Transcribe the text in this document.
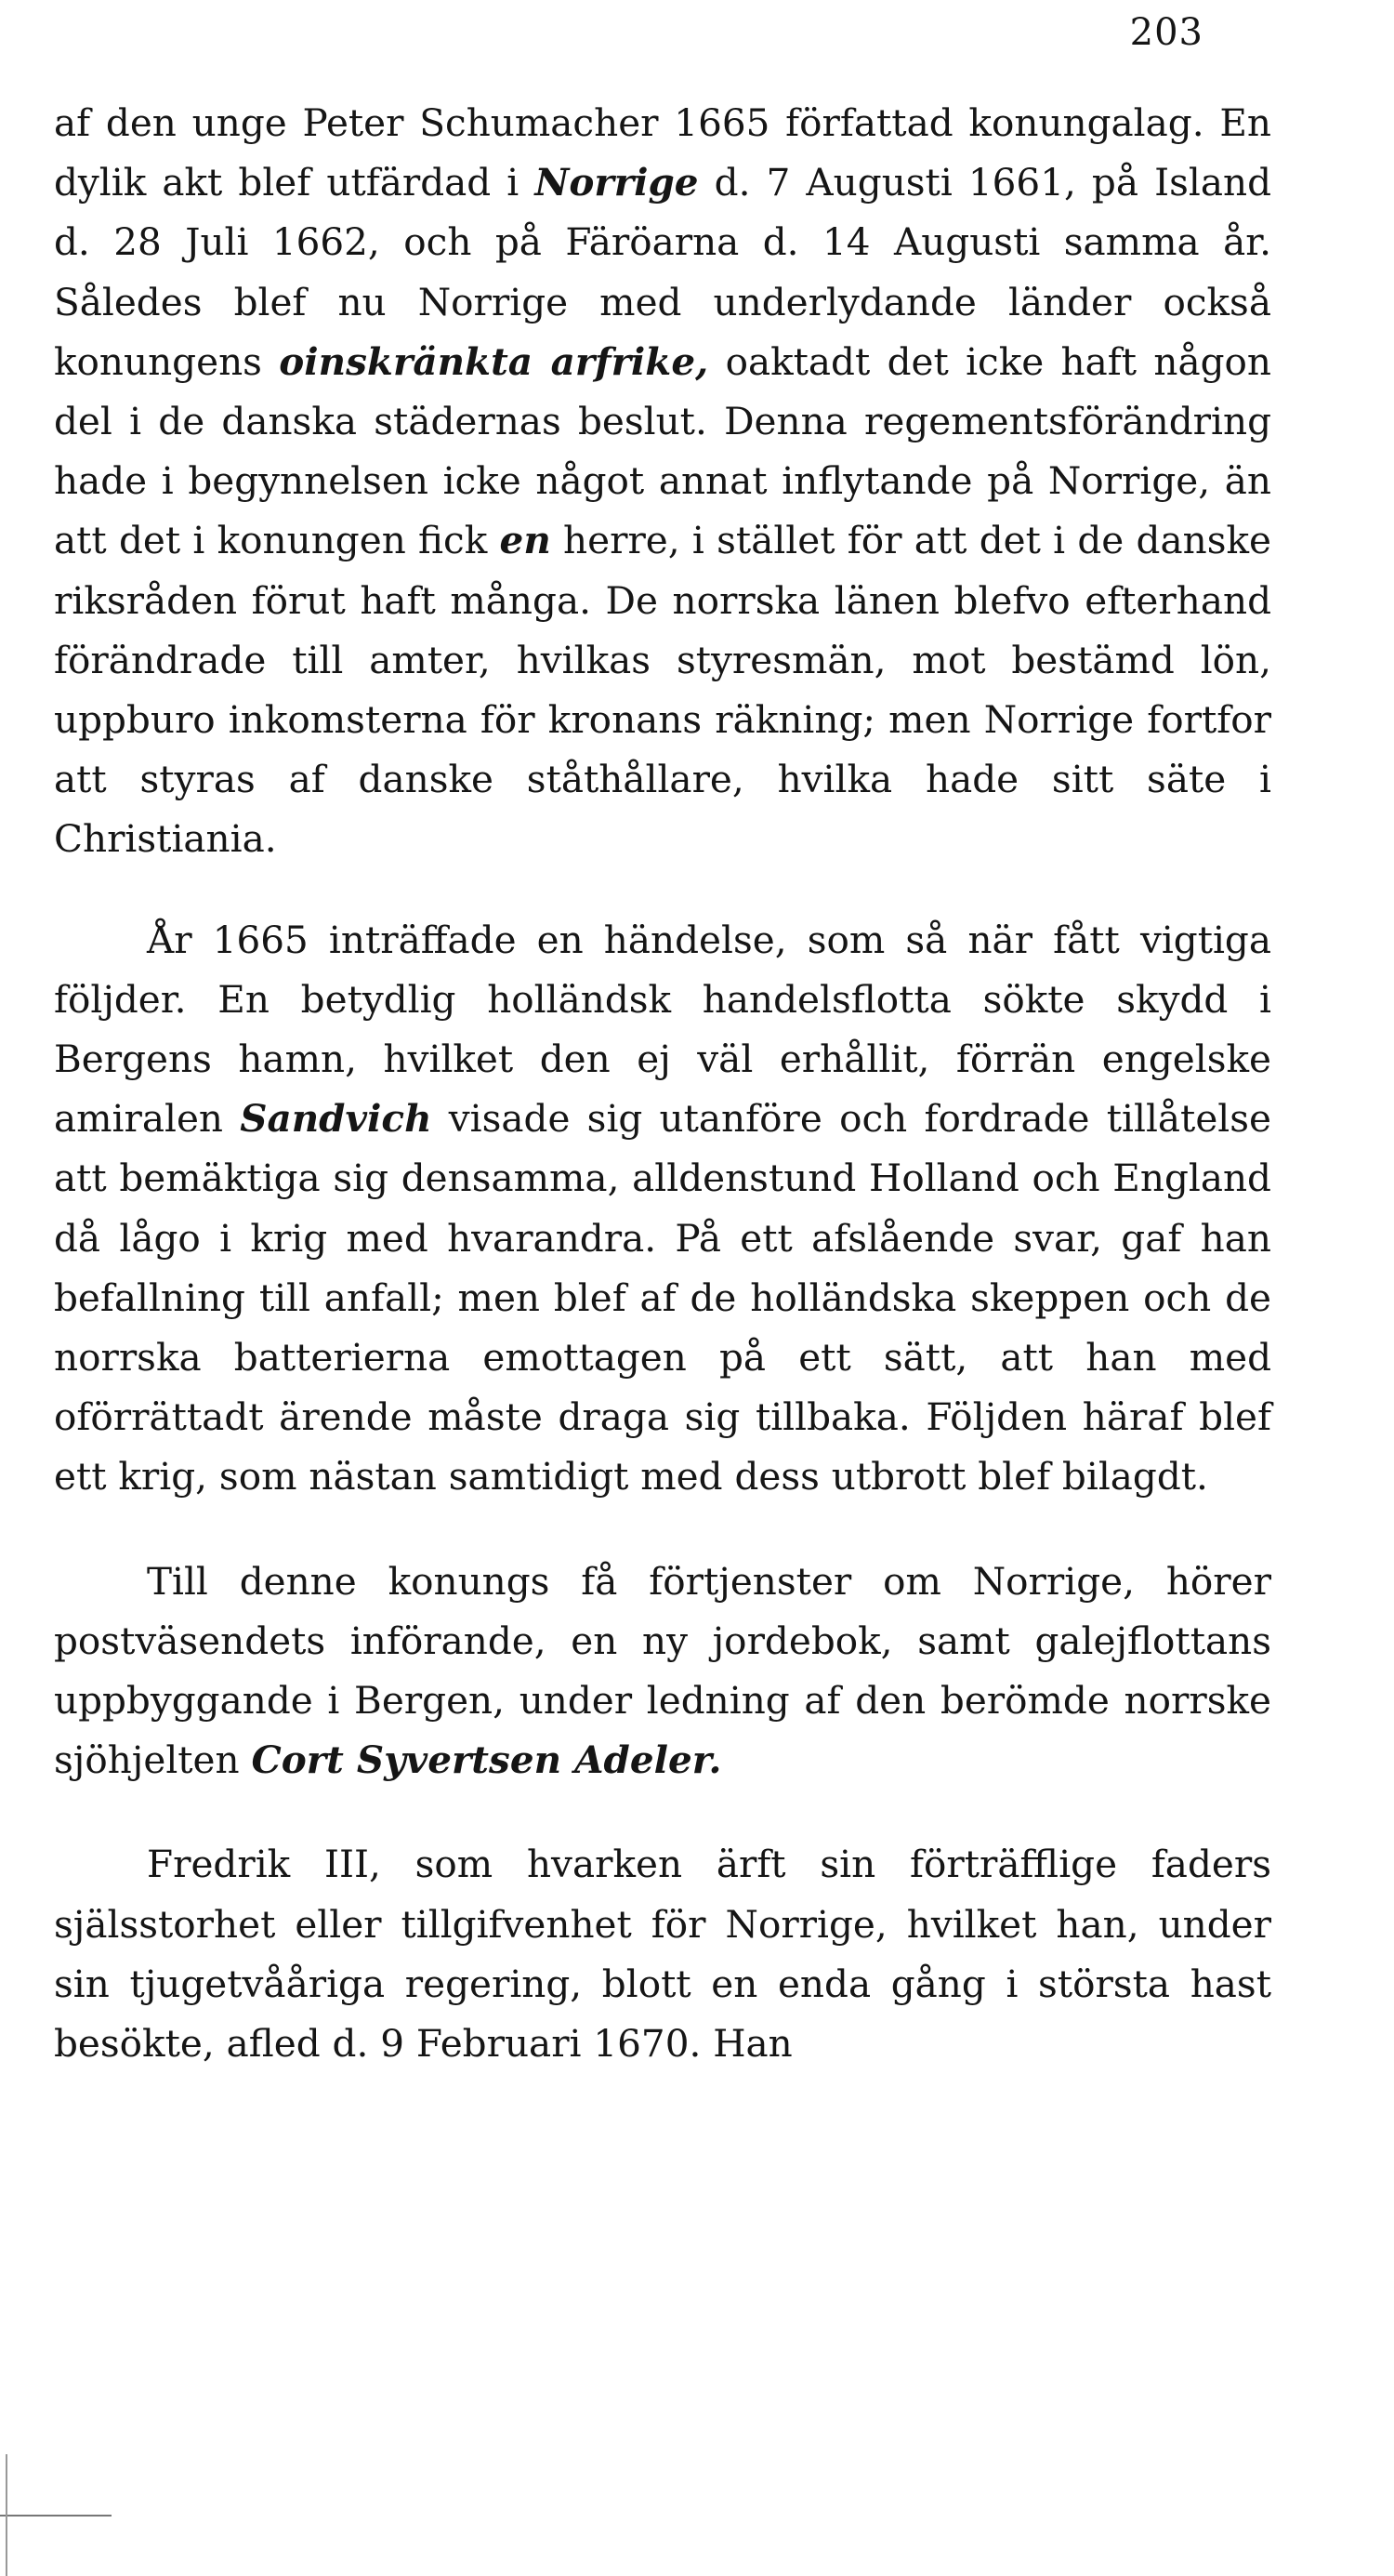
203

af den unge Peter Schumacher 1665 författad konungalag. En dylik akt blef utfärdad i Norrige d. 7 Augusti 1661, på Island d. 28 Juli 1662, och på Färöarna d. 14 Augusti samma år. Således blef nu Norrige med underlydande länder också konungens oinskränkta arfrike, oaktadt det icke haft någon del i de danska städernas beslut. Denna regementsförändring hade i begynnelsen icke något annat inflytande på Norrige, än att det i konungen fick en herre, i stället för att det i de danske riksråden förut haft många. De norrska länen blefvo efterhand förändrade till amter, hvilkas styresmän, mot bestämd lön, uppburo inkomsterna för kronans räkning; men Norrige fortfor att styras af danske ståthållare, hvilka hade sitt säte i Christiania.

År 1665 inträffade en händelse, som så när fått vigtiga följder. En betydlig holländsk handelsflotta sökte skydd i Bergens hamn, hvilket den ej väl erhållit, förrän engelske amiralen Sandvich visade sig utanföre och fordrade tillåtelse att bemäktiga sig densamma, alldenstund Holland och England då lågo i krig med hvarandra. På ett afslående svar, gaf han befallning till anfall; men blef af de holländska skeppen och de norrska batterierna emottagen på ett sätt, att han med oförrättadt ärende måste draga sig tillbaka. Följden häraf blef ett krig, som nästan samtidigt med dess utbrott blef bilagdt.

Till denne konungs få förtjenster om Norrige, hörer postväsendets införande, en ny jordebok, samt galejflottans uppbyggande i Bergen, under ledning af den berömde norrske sjöhjelten Cort Syvertsen Adeler.

Fredrik III, som hvarken ärft sin förträfflige faders själsstorhet eller tillgifvenhet för Norrige, hvilket han, under sin tjugetvååriga regering, blott en enda gång i största hast besökte, afled d. 9 Februari 1670. Han
